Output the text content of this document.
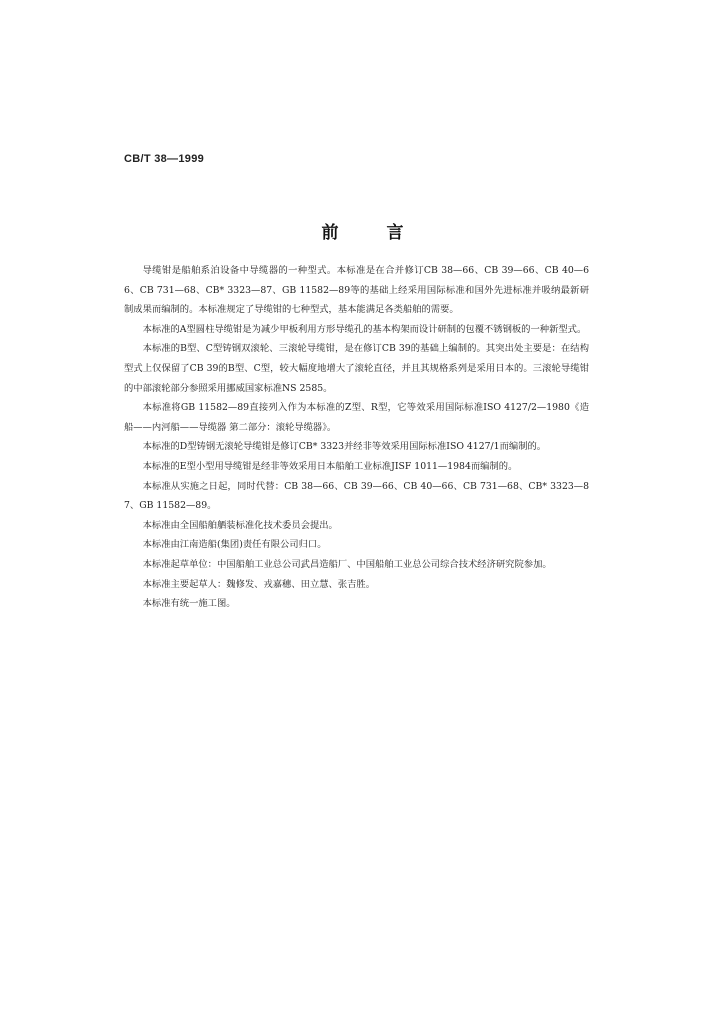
CB/T 38—1999
前言

导缆钳是船舶系泊设备中导缆器的一种型式。本标准是在合并修订CB 38—66、CB 39—66、CB 40—66、CB 731—68、CB* 3323—87、GB 11582—89等的基础上经采用国际标准和国外先进标准并吸纳最新研制成果而编制的。本标准规定了导缆钳的七种型式，基本能满足各类船舶的需要。

本标准的A型圆柱导缆钳是为减少甲板利用方形导缆孔的基本构架而设计研制的包覆不锈钢板的一种新型式。

本标准的B型、C型铸钢双滚轮、三滚轮导缆钳，是在修订CB 39的基础上编制的。其突出处主要是：在结构型式上仅保留了CB 39的B型、C型，较大幅度地增大了滚轮直径，并且其规格系列是采用日本的。三滚轮导缆钳的中部滚轮部分参照采用挪威国家标准NS 2585。

本标准将GB 11582—89直接列入作为本标准的Z型、R型，它等效采用国际标准ISO 4127/2—1980《造船——内河船——导缆器 第二部分：滚轮导缆器》。

本标准的D型铸钢无滚轮导缆钳是修订CB* 3323并经非等效采用国际标准ISO 4127/1而编制的。

本标准的E型小型用导缆钳是经非等效采用日本船舶工业标准JISF 1011—1984而编制的。

本标准从实施之日起，同时代替：CB 38—66、CB 39—66、CB 40—66、CB 731—68、CB* 3323—87、GB 11582—89。

本标准由全国船舶舾装标准化技术委员会提出。

本标准由江南造船(集团)责任有限公司归口。

本标准起草单位：中国船舶工业总公司武昌造船厂、中国船舶工业总公司综合技术经济研究院参加。

本标准主要起草人：魏修发、戎嘉穗、田立慧、张吉胜。

本标准有统一施工图。
